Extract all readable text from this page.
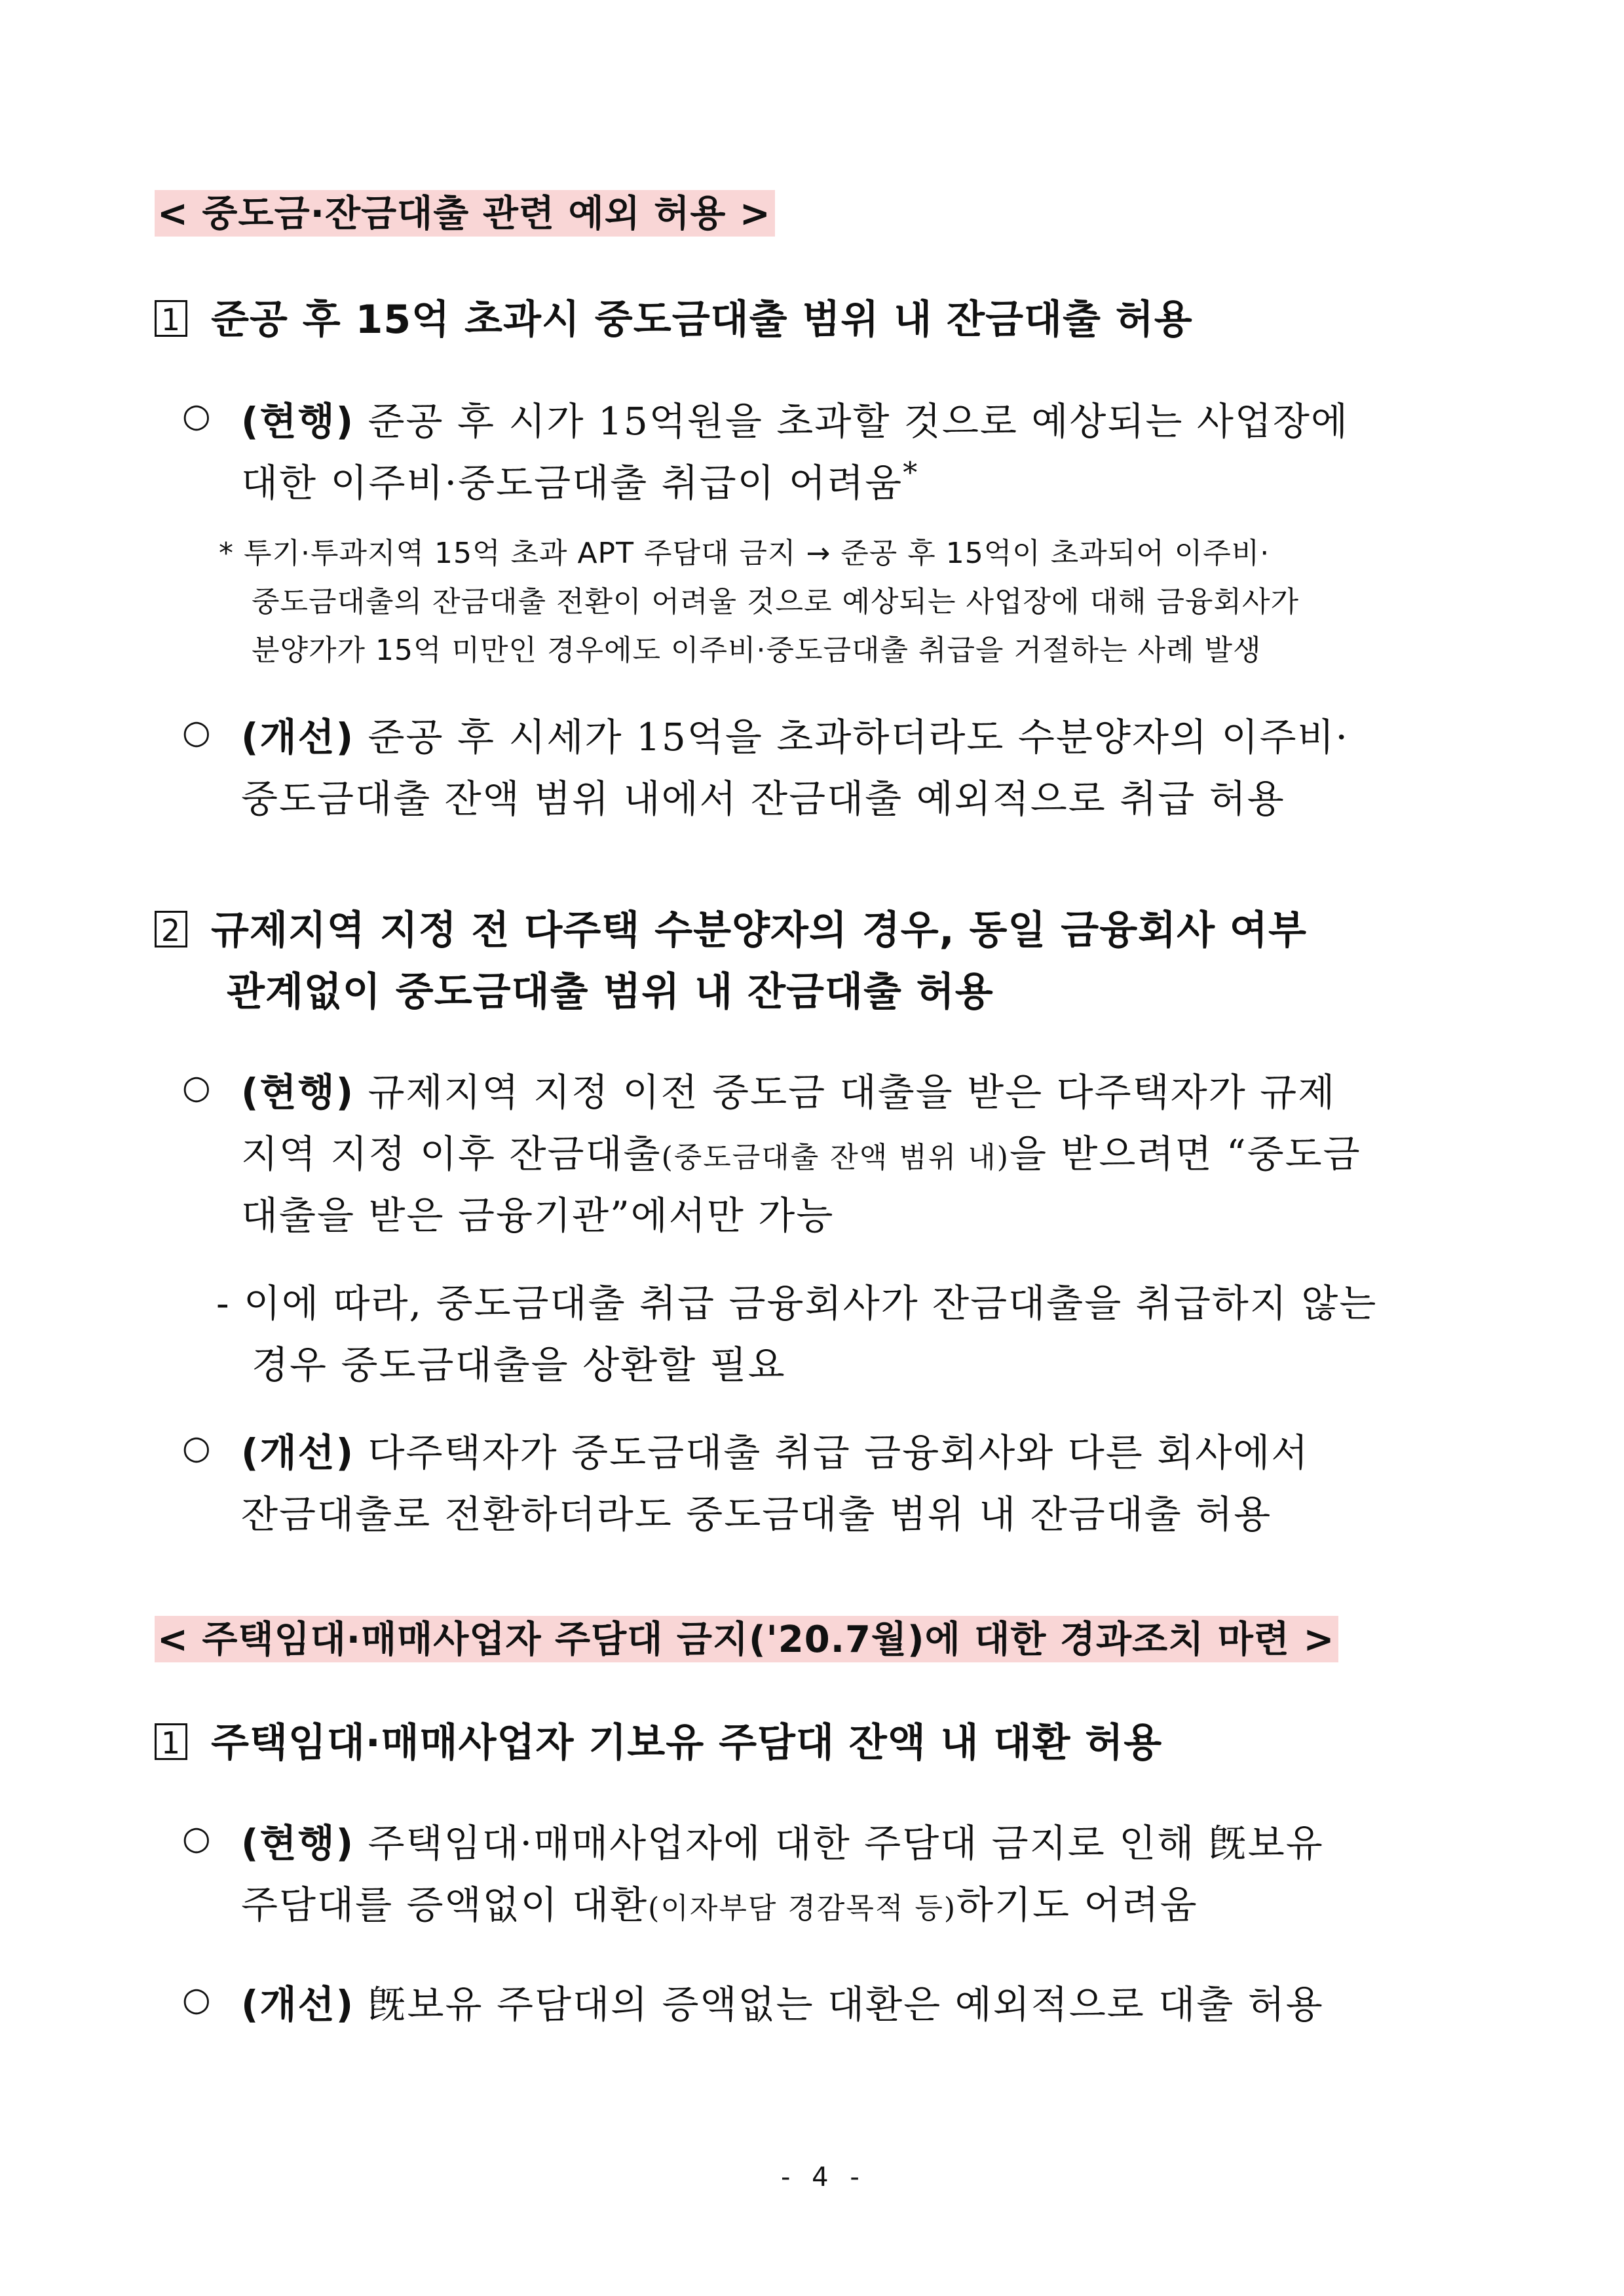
< 중도금·잔금대출 관련 예외 허용 >
1 준공 후 15억 초과시 중도금대출 범위 내 잔금대출 허용
○ (현행) 준공 후 시가 15억원을 초과할 것으로 예상되는 사업장에
대한 이주비·중도금대출 취급이 어려움*
* 투기·투과지역 15억 초과 APT 주담대 금지 → 준공 후 15억이 초과되어 이주비·
중도금대출의 잔금대출 전환이 어려울 것으로 예상되는 사업장에 대해 금융회사가
분양가가 15억 미만인 경우에도 이주비·중도금대출 취급을 거절하는 사례 발생
○ (개선) 준공 후 시세가 15억을 초과하더라도 수분양자의 이주비·
중도금대출 잔액 범위 내에서 잔금대출 예외적으로 취급 허용
2 규제지역 지정 전 다주택 수분양자의 경우, 동일 금융회사 여부
관계없이 중도금대출 범위 내 잔금대출 허용
○ (현행) 규제지역 지정 이전 중도금 대출을 받은 다주택자가 규제
지역 지정 이후 잔금대출(중도금대출 잔액 범위 내)을 받으려면 “중도금
대출을 받은 금융기관”에서만 가능
- 이에 따라, 중도금대출 취급 금융회사가 잔금대출을 취급하지 않는
경우 중도금대출을 상환할 필요
○ (개선) 다주택자가 중도금대출 취급 금융회사와 다른 회사에서
잔금대출로 전환하더라도 중도금대출 범위 내 잔금대출 허용
< 주택임대·매매사업자 주담대 금지('20.7월)에 대한 경과조치 마련 >
1 주택임대·매매사업자 기보유 주담대 잔액 내 대환 허용
○ (현행) 주택임대·매매사업자에 대한 주담대 금지로 인해 旣보유
주담대를 증액없이 대환(이자부담 경감목적 등)하기도 어려움
○ (개선) 旣보유 주담대의 증액없는 대환은 예외적으로 대출 허용
- 4 -
